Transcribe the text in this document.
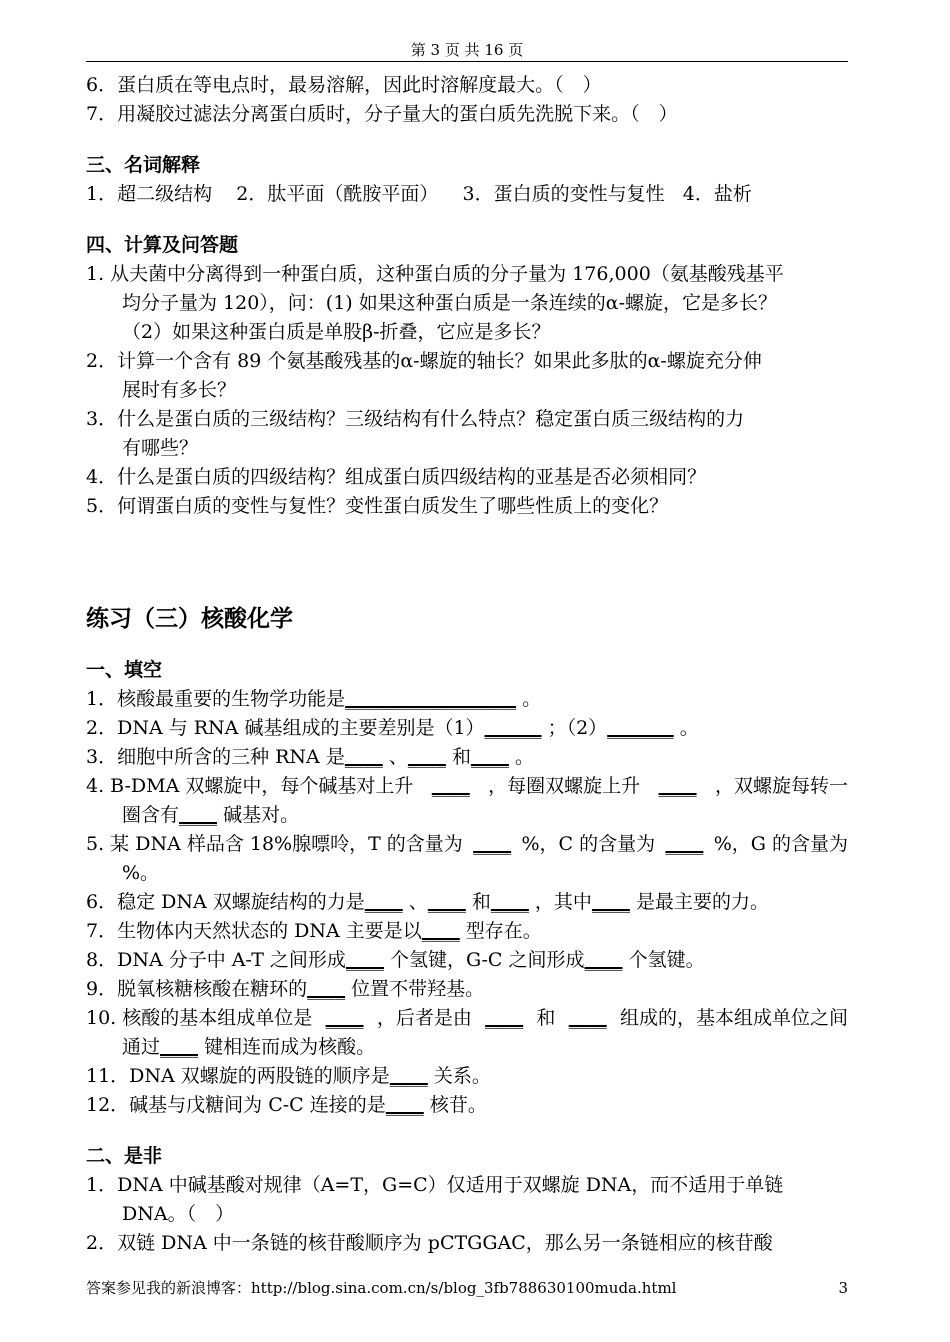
第 3 页 共 16 页
6．蛋白质在等电点时，最易溶解，因此时溶解度最大。（　）
7．用凝胶过滤法分离蛋白质时，分子量大的蛋白质先洗脱下来。（　）
三、名词解释
1．超二级结构 2．肽平面（酰胺平面） 3．蛋白质的变性与复性 4．盐析
四、计算及问答题
1. 从夫菌中分离得到一种蛋白质，这种蛋白质的分子量为 176,000（氨基酸残基平
均分子量为 120），问：(1) 如果这种蛋白质是一条连续的α-螺旋，它是多长？
（2）如果这种蛋白质是单股β-折叠，它应是多长？
2．计算一个含有 89 个氨基酸残基的α-螺旋的轴长？如果此多肽的α-螺旋充分伸
展时有多长？
3．什么是蛋白质的三级结构？三级结构有什么特点？稳定蛋白质三级结构的力
有哪些？
4．什么是蛋白质的四级结构？组成蛋白质四级结构的亚基是否必须相同？
5．何谓蛋白质的变性与复性？变性蛋白质发生了哪些性质上的变化？
练习（三）核酸化学
一、填空
1．核酸最重要的生物学功能是__________________ 。
2．DNA 与 RNA 碱基组成的主要差别是（1）______ ；（2）_______ 。
3．细胞中所含的三种 RNA 是____ 、____ 和____ 。
4. B-DMA 双螺旋中，每个碱基对上升 ____ ，每圈双螺旋上升 ____ ，双螺旋每转一
圈含有____ 碱基对。
5. 某 DNA 样品含 18%腺嘌呤，T 的含量为 ____ %，C 的含量为 ____ %，G 的含量为
%。
6．稳定 DNA 双螺旋结构的力是____ 、____ 和____ ，其中____ 是最主要的力。
7．生物体内天然状态的 DNA 主要是以____ 型存在。
8．DNA 分子中 A-T 之间形成____ 个氢键，G-C 之间形成____ 个氢键。
9．脱氧核糖核酸在糖环的____ 位置不带羟基。
10. 核酸的基本组成单位是 ____ ，后者是由 ____ 和 ____ 组成的，基本组成单位之间
通过____ 键相连而成为核酸。
11．DNA 双螺旋的两股链的顺序是____ 关系。
12．碱基与戊糖间为 C-C 连接的是____ 核苷。
二、是非
1．DNA 中碱基酸对规律（A=T，G=C）仅适用于双螺旋 DNA，而不适用于单链
DNA。（　）
2．双链 DNA 中一条链的核苷酸顺序为 pCTGGAC，那么另一条链相应的核苷酸
答案参见我的新浪博客：http://blog.sina.com.cn/s/blog_3fb788630100muda.html	3
